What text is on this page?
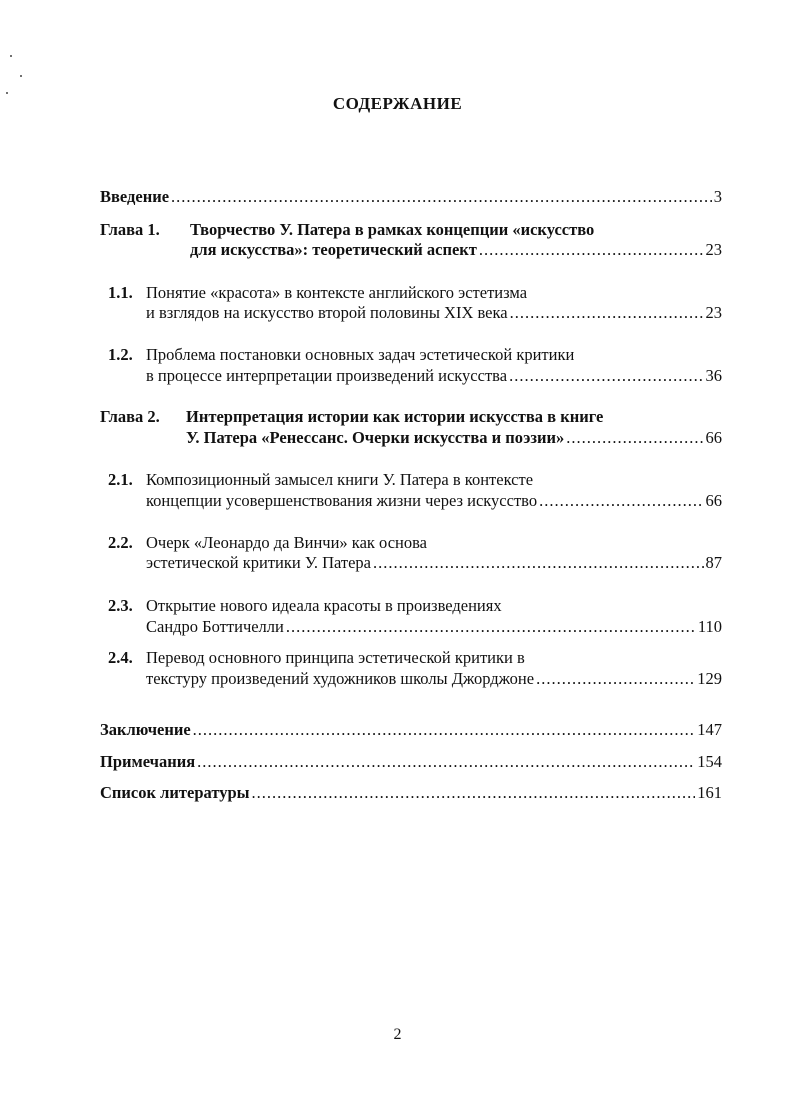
СОДЕРЖАНИЕ
Введение .....	3
Глава 1. Творчество У. Патера в рамках концепции «искусство
для искусства»: теоретический аспект .....	23
1.1. Понятие «красота» в контексте английского эстетизма
и взглядов на искусство второй половины XIX века .....	23
1.2. Проблема постановки основных задач эстетической критики
в процессе интерпретации произведений искусства .....	36
Глава 2. Интерпретация истории как истории искусства в книге
У. Патера «Ренессанс. Очерки искусства и поэзии» .....	66
2.1. Композиционный замысел книги У. Патера в контексте
концепции усовершенствования жизни через искусство .....	66
2.2. Очерк «Леонардо да Винчи» как основа
эстетической критики У. Патера .....	87
2.3. Открытие нового идеала красоты в произведениях
Сандро Боттичелли .....	110
2.4. Перевод основного принципа эстетической критики в
текстуру произведений художников школы Джорджоне .....	129
Заключение .....	147
Примечания .....	154
Список литературы .....	161
2
